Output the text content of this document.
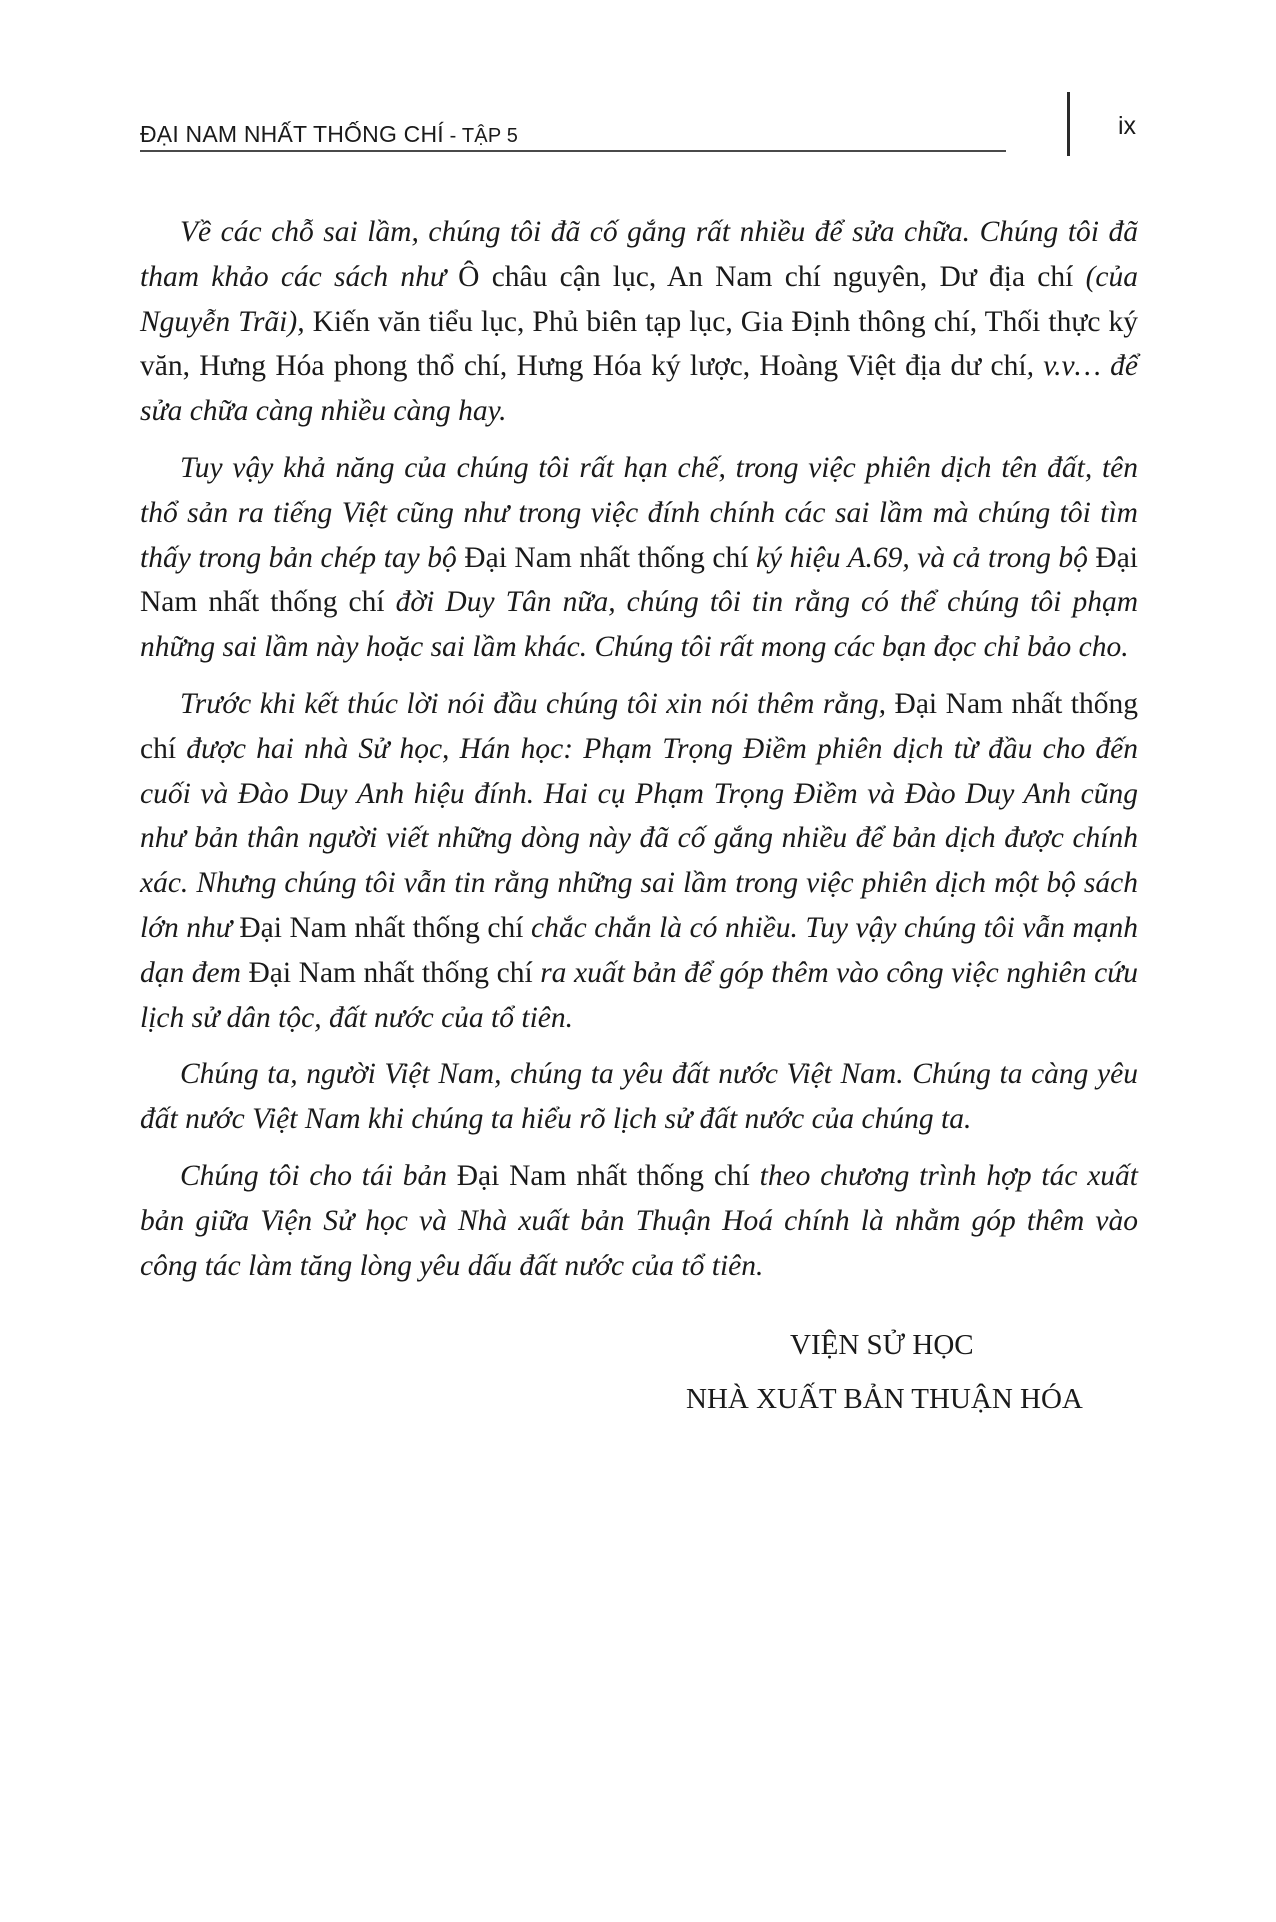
ĐẠI NAM NHẤT THỐNG CHÍ - TẬP 5	ix

Về các chỗ sai lầm, chúng tôi đã cố gắng rất nhiều để sửa chữa. Chúng tôi đã tham khảo các sách như Ô châu cận lục, An Nam chí nguyên, Dư địa chí (của Nguyễn Trãi), Kiến văn tiểu lục, Phủ biên tạp lục, Gia Định thông chí, Thối thực ký văn, Hưng Hóa phong thổ chí, Hưng Hóa ký lược, Hoàng Việt địa dư chí, v.v… để sửa chữa càng nhiều càng hay.

Tuy vậy khả năng của chúng tôi rất hạn chế, trong việc phiên dịch tên đất, tên thổ sản ra tiếng Việt cũng như trong việc đính chính các sai lầm mà chúng tôi tìm thấy trong bản chép tay bộ Đại Nam nhất thống chí ký hiệu A.69, và cả trong bộ Đại Nam nhất thống chí đời Duy Tân nữa, chúng tôi tin rằng có thể chúng tôi phạm những sai lầm này hoặc sai lầm khác. Chúng tôi rất mong các bạn đọc chỉ bảo cho.

Trước khi kết thúc lời nói đầu chúng tôi xin nói thêm rằng, Đại Nam nhất thống chí được hai nhà Sử học, Hán học: Phạm Trọng Điềm phiên dịch từ đầu cho đến cuối và Đào Duy Anh hiệu đính. Hai cụ Phạm Trọng Điềm và Đào Duy Anh cũng như bản thân người viết những dòng này đã cố gắng nhiều để bản dịch được chính xác. Nhưng chúng tôi vẫn tin rằng những sai lầm trong việc phiên dịch một bộ sách lớn như Đại Nam nhất thống chí chắc chắn là có nhiều. Tuy vậy chúng tôi vẫn mạnh dạn đem Đại Nam nhất thống chí ra xuất bản để góp thêm vào công việc nghiên cứu lịch sử dân tộc, đất nước của tổ tiên.

Chúng ta, người Việt Nam, chúng ta yêu đất nước Việt Nam. Chúng ta càng yêu đất nước Việt Nam khi chúng ta hiểu rõ lịch sử đất nước của chúng ta.

Chúng tôi cho tái bản Đại Nam nhất thống chí theo chương trình hợp tác xuất bản giữa Viện Sử học và Nhà xuất bản Thuận Hoá chính là nhằm góp thêm vào công tác làm tăng lòng yêu dấu đất nước của tổ tiên.

VIỆN SỬ HỌC
NHÀ XUẤT BẢN THUẬN HÓA
